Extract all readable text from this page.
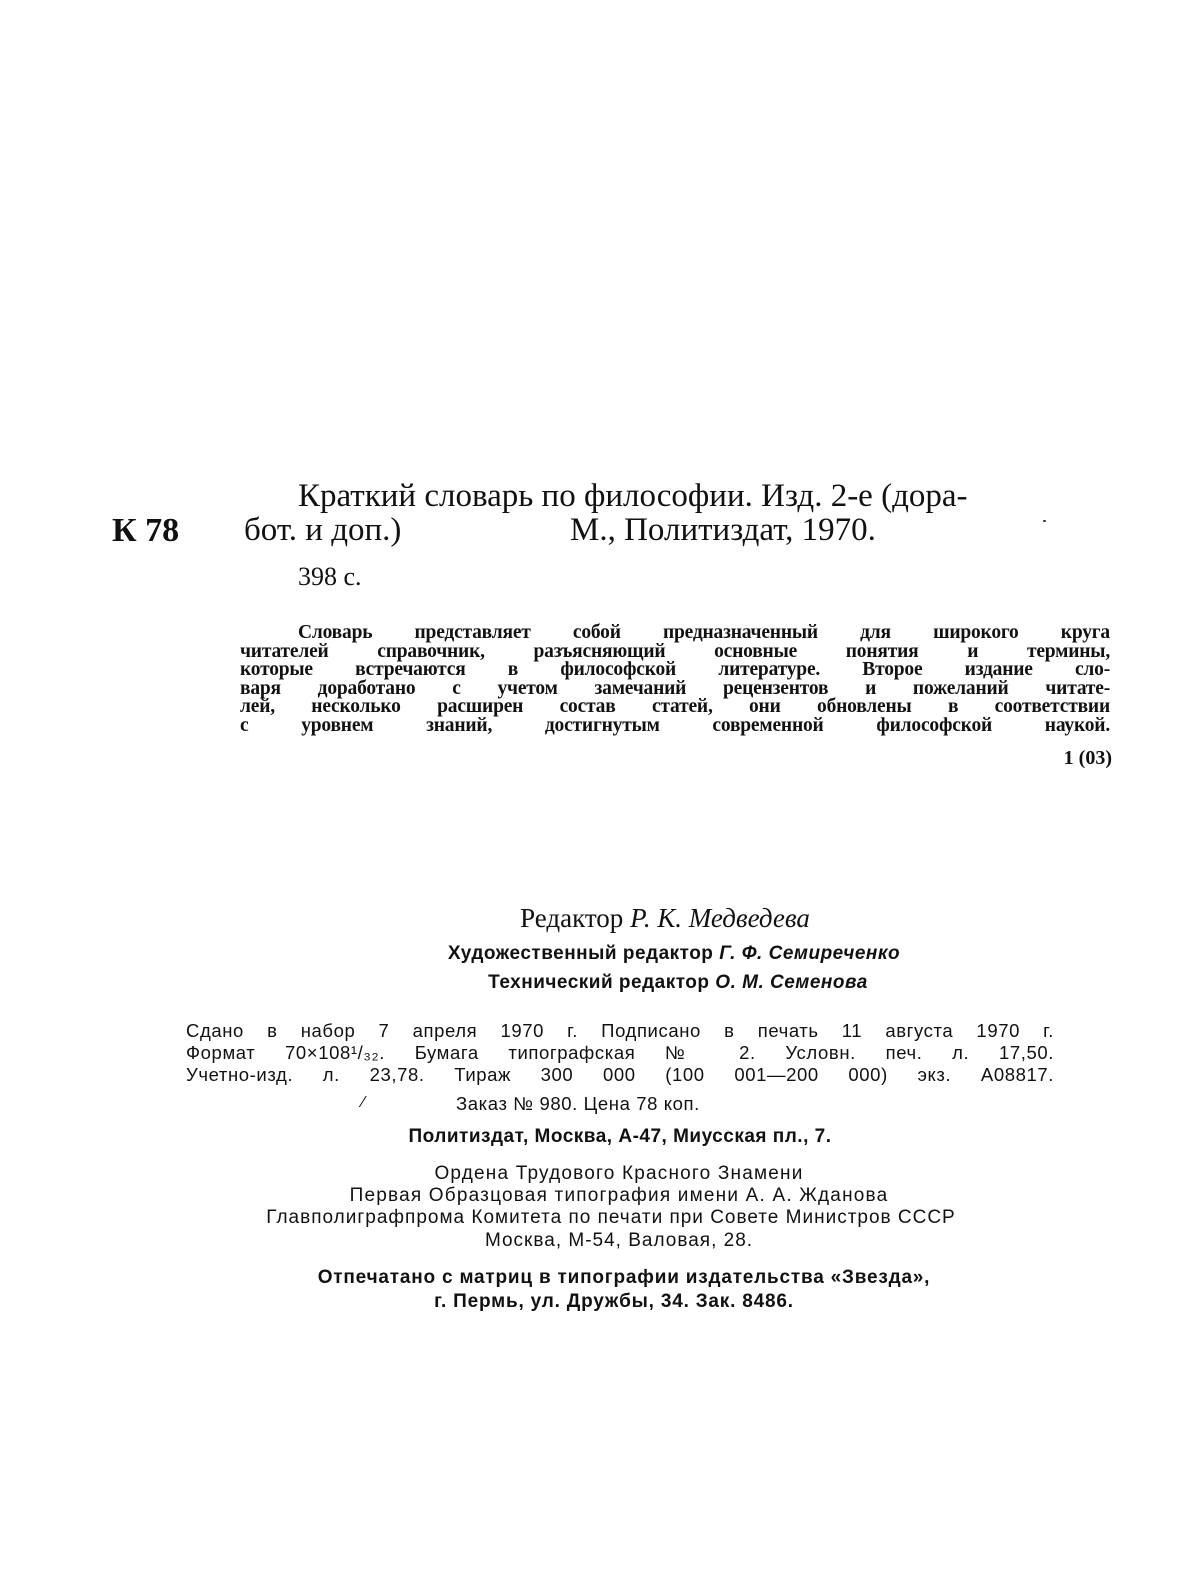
К 78
Краткий словарь по философии. Изд. 2-е (дора-
бот. и доп.)	М., Политиздат, 1970.
398 с.

Словарь представляет собой предназначенный для широкого круга

читателей справочник, разъясняющий основные понятия и термины,

которые встречаются в философской литературе. Второе издание сло-

варя доработано с учетом замечаний рецензентов и пожеланий читате-

лей, несколько расширен состав статей, они обновлены в соответствии

с уровнем знаний, достигнутым современной философской наукой.

1 (03)
Редактор Р. К. Медведева
Художественный редактор Г. Ф. Семиреченко
Технический редактор О. М. Семенова

Сдано в набор 7 апреля 1970 г. Подписано в печать 11 августа 1970 г.

Формат 70×108¹/₃₂. Бумага типографская № 2. Условн. печ. л. 17,50.

Учетно-изд. л. 23,78. Тираж 300 000 (100 001—200 000) экз. А08817.

⁄	Заказ № 980. Цена 78 коп.
Политиздат, Москва, А-47, Миусская пл., 7.
Ордена Трудового Красного Знамени
Первая Образцовая типография имени А. А. Жданова
Главполиграфпрома Комитета по печати при Совете Министров СССР
Москва, М-54, Валовая, 28.
Отпечатано с матриц в типографии издательства «Звезда»,
г. Пермь, ул. Дружбы, 34. Зак. 8486.
